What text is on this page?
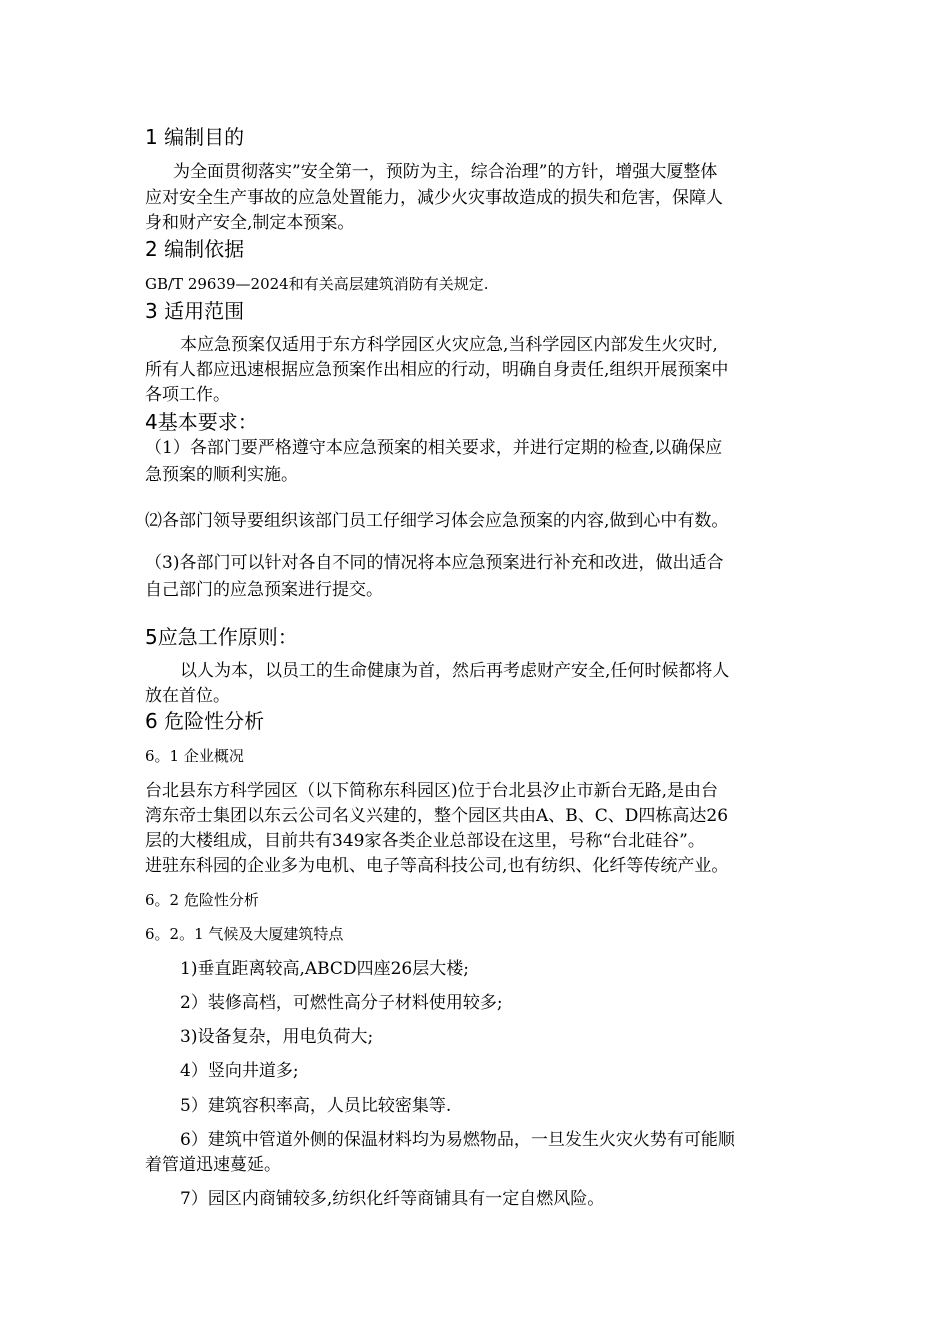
1 编制目的
为全面贯彻落实”安全第一，预防为主，综合治理”的方针，增强大厦整体
应对安全生产事故的应急处置能力，减少火灾事故造成的损失和危害，保障人
身和财产安全,制定本预案。
2 编制依据
GB/T 29639—2024和有关高层建筑消防有关规定.
3 适用范围
本应急预案仅适用于东方科学园区火灾应急,当科学园区内部发生火灾时,
所有人都应迅速根据应急预案作出相应的行动，明确自身责任,组织开展预案中
各项工作。
4基本要求：
（1）各部门要严格遵守本应急预案的相关要求，并进行定期的检查,以确保应
急预案的顺利实施。
⑵各部门领导要组织该部门员工仔细学习体会应急预案的内容,做到心中有数。
（3)各部门可以针对各自不同的情况将本应急预案进行补充和改进，做出适合
自己部门的应急预案进行提交。
5应急工作原则：
以人为本，以员工的生命健康为首，然后再考虑财产安全,任何时候都将人
放在首位。
6 危险性分析
6。1 企业概况
台北县东方科学园区（以下简称东科园区)位于台北县汐止市新台无路,是由台
湾东帝士集团以东云公司名义兴建的，整个园区共由A、B、C、D四栋高达26
层的大楼组成，目前共有349家各类企业总部设在这里，号称“台北硅谷”。
进驻东科园的企业多为电机、电子等高科技公司,也有纺织、化纤等传统产业。
6。2 危险性分析
6。2。1 气候及大厦建筑特点
1)垂直距离较高,ABCD四座26层大楼;
2）装修高档，可燃性高分子材料使用较多;
3)设备复杂，用电负荷大;
4）竖向井道多;
5）建筑容积率高，人员比较密集等.
6）建筑中管道外侧的保温材料均为易燃物品，一旦发生火灾火势有可能顺
着管道迅速蔓延。
7）园区内商铺较多,纺织化纤等商铺具有一定自燃风险。
